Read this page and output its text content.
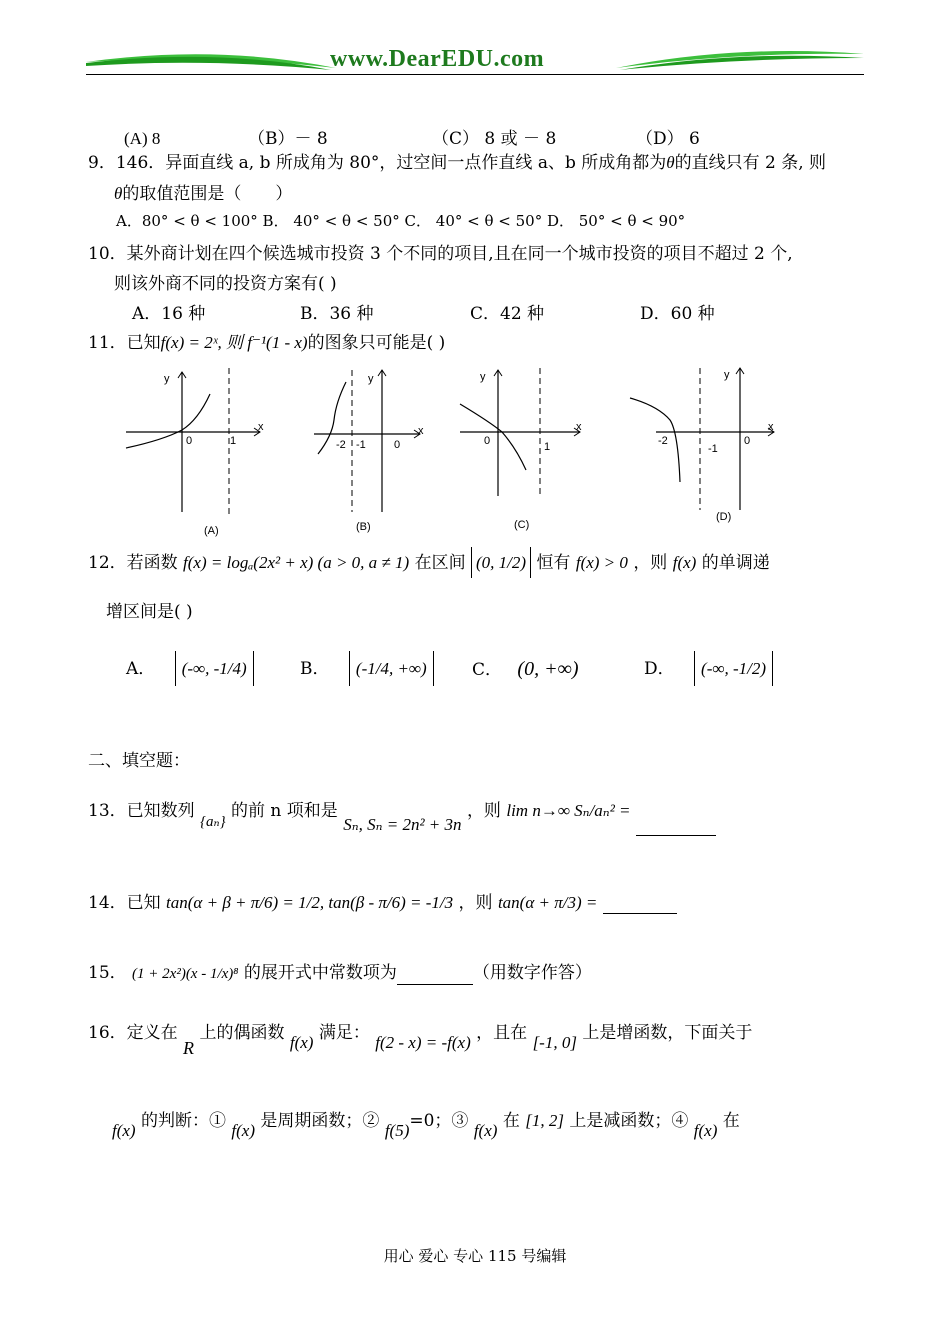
www.DearEDU.com
(A) 8	（B）－ 8	（C） 8 或 － 8	（D） 6
9．146．异面直线 a, b 所成角为 80°，过空间一点作直线 a、b 所成角都为θ的直线只有 2 条, 则
θ的取值范围是（　　）
A．80° < θ < 100° B． 40° < θ < 50° C． 40° < θ < 50° D． 50° < θ < 90°
10．某外商计划在四个候选城市投资 3 个不同的项目,且在同一个城市投资的项目不超过 2 个,
则该外商不同的投资方案有( )
A．16 种	B．36 种	C．42 种	D．60 种
11．已知f(x) = 2ˣ, 则 f⁻¹(1 - x)的图象只可能是( )
y
x
0	1
(A)
y
x
-2 -1	0
(B)
y
x
0	1
(C)
y
x
-2
-1
0
(D)
12．若函数 f(x) = logₐ(2x² + x) (a > 0, a ≠ 1) 在区间 (0, 1/2) 恒有 f(x) > 0 ，则 f(x) 的单调递
增区间是( )
A． (-∞, -1/4)	B． (-1/4, +∞)	C． (0, +∞)	D． (-∞, -1/2)
二、填空题：
13．已知数列 {aₙ} 的前 n 项和是 Sₙ, Sₙ = 2n² + 3n ，则 lim n→∞ Sₙ/aₙ² =
14．已知 tan(α + β + π/6) = 1/2, tan(β - π/6) = -1/3 ，则 tan(α + π/3) =
15． (1 + 2x²)(x - 1/x)⁸ 的展开式中常数项为	（用数字作答）
16．定义在 R 上的偶函数 f(x) 满足： f(2 - x) = -f(x) ，且在 [-1, 0] 上是增函数，下面关于
f(x) 的判断：① f(x) 是周期函数；② f(5)=0；③ f(x) 在 [1, 2] 上是减函数；④ f(x) 在
用心 爱心 专心 115 号编辑
